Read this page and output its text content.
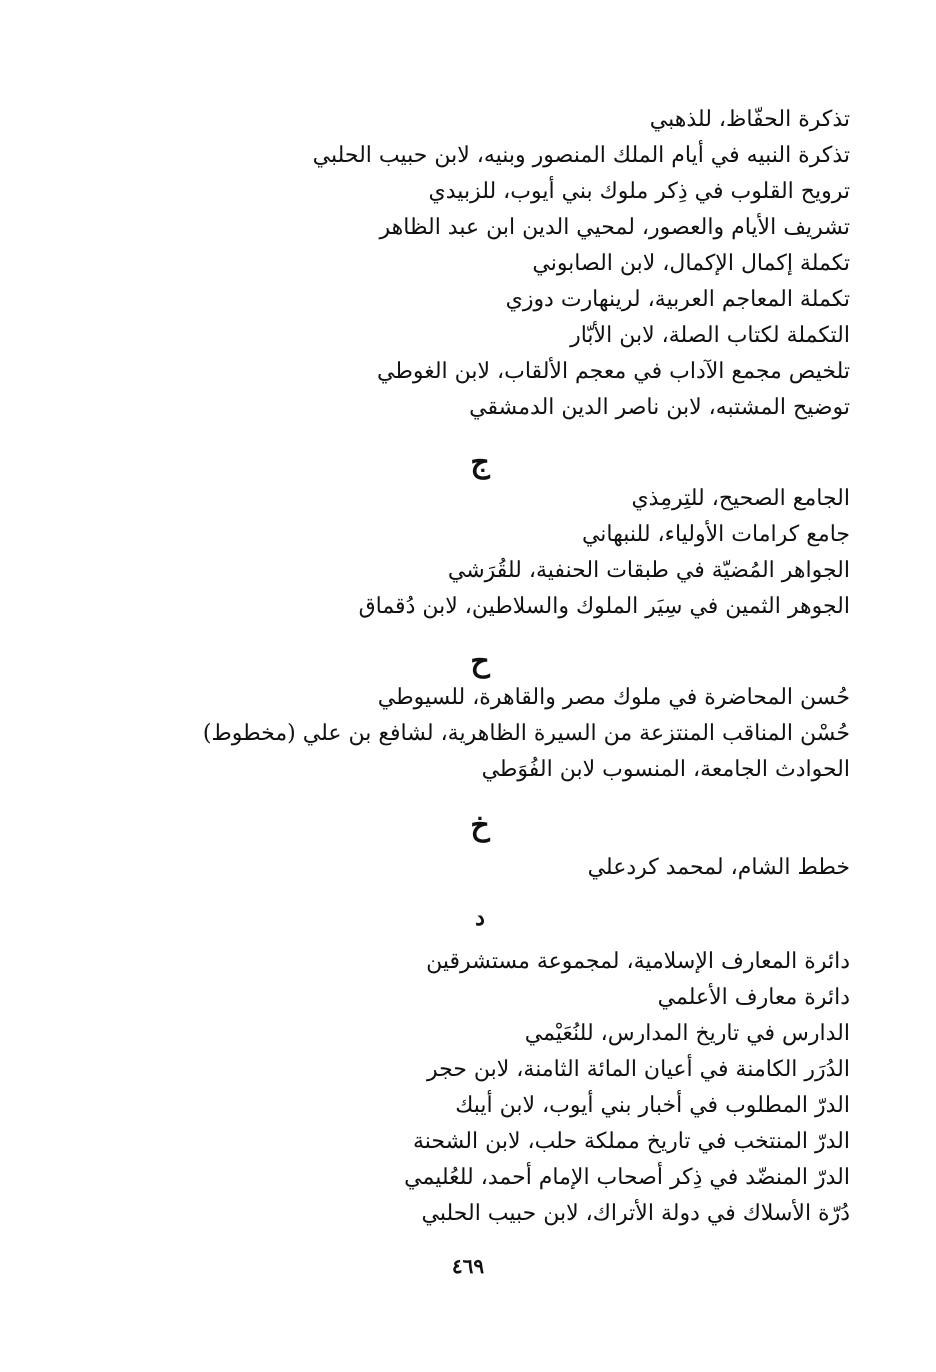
تذكرة الحفّاظ، للذهبي
تذكرة النبيه في أيام الملك المنصور وبنيه، لابن حبيب الحلبي
ترويح القلوب في ذِكر ملوك بني أيوب، للزبيدي
تشريف الأيام والعصور، لمحيي الدين ابن عبد الظاهر
تكملة إكمال الإكمال، لابن الصابوني
تكملة المعاجم العربية، لرينهارت دوزي
التكملة لكتاب الصلة، لابن الأبّار
تلخيص مجمع الآداب في معجم الألقاب، لابن الغوطي
توضيح المشتبه، لابن ناصر الدين الدمشقي
ج
الجامع الصحيح، للتِرمِذي
جامع كرامات الأولياء، للنبهاني
الجواهر المُضيّة في طبقات الحنفية، للقُرَشي
الجوهر الثمين في سِيَر الملوك والسلاطين، لابن دُقماق
ح
حُسن المحاضرة في ملوك مصر والقاهرة، للسيوطي
حُسْن المناقب المنتزعة من السيرة الظاهرية، لشافع بن علي (مخطوط)
الحوادث الجامعة، المنسوب لابن الفُوَطي
خ
خطط الشام، لمحمد كردعلي
د
دائرة المعارف الإسلامية، لمجموعة مستشرقين
دائرة معارف الأعلمي
الدارس في تاريخ المدارس، للنُعَيْمي
الدُرَر الكامنة في أعيان المائة الثامنة، لابن حجر
الدرّ المطلوب في أخبار بني أيوب، لابن أيبك
الدرّ المنتخب في تاريخ مملكة حلب، لابن الشحنة
الدرّ المنضّد في ذِكر أصحاب الإمام أحمد، للعُليمي
دُرّة الأسلاك في دولة الأتراك، لابن حبيب الحلبي
٤٦٩
